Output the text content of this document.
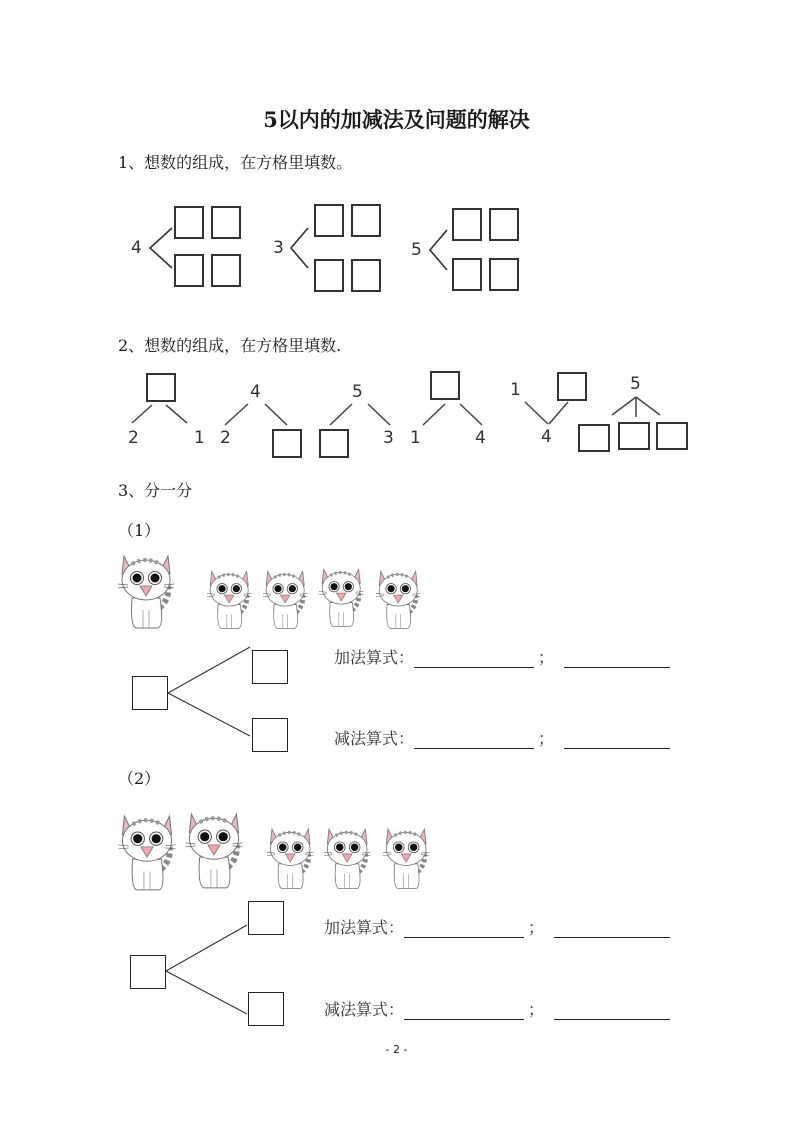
5以内的加减法及问题的解决
1、想数的组成，在方格里填数。
4	3	5
2、想数的组成，在方格里填数.
2	1
4
2
5
3 1	4
1
4
5
3、分一分
（1）
加法算式：	；
减法算式：	；
（2）
加法算式：	；
减法算式：	；
- 2 -
